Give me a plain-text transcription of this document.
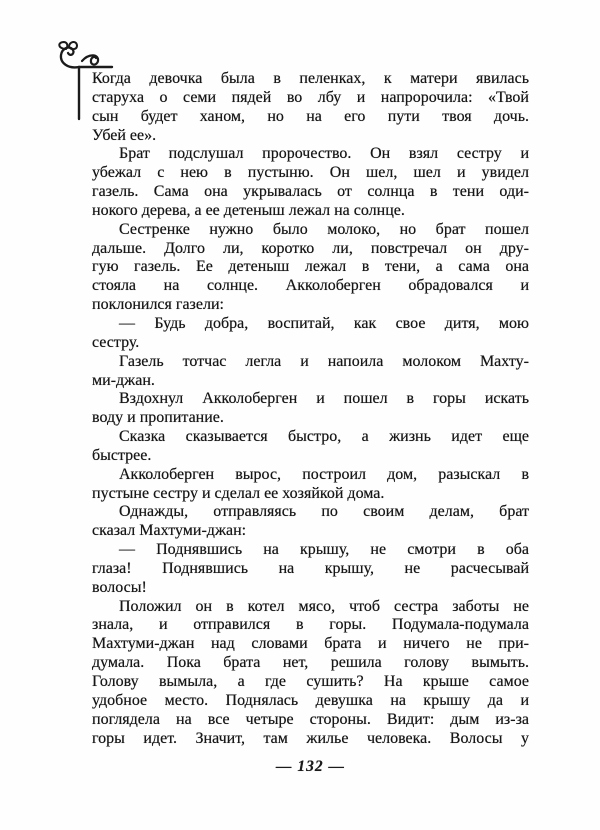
Когда девочка была в пеленках, к матери явилась
старуха о семи пядей во лбу и напророчила: «Твой
сын будет ханом, но на его пути твоя дочь.
Убей ее».
Брат подслушал пророчество. Он взял сестру и
убежал с нею в пустыню. Он шел, шел и увидел
газель. Сама она укрывалась от солнца в тени оди-
нокого дерева, а ее детеныш лежал на солнце.
Сестренке нужно было молоко, но брат пошел
дальше. Долго ли, коротко ли, повстречал он дру-
гую газель. Ее детеныш лежал в тени, а сама она
стояла на солнце. Акколоберген обрадовался и
поклонился газели:
— Будь добра, воспитай, как свое дитя, мою
сестру.
Газель тотчас легла и напоила молоком Махту-
ми-джан.
Вздохнул Акколоберген и пошел в горы искать
воду и пропитание.
Сказка сказывается быстро, а жизнь идет еще
быстрее.
Акколоберген вырос, построил дом, разыскал в
пустыне сестру и сделал ее хозяйкой дома.
Однажды, отправляясь по своим делам, брат
сказал Махтуми-джан:
— Поднявшись на крышу, не смотри в оба
глаза! Поднявшись на крышу, не расчесывай
волосы!
Положил он в котел мясо, чтоб сестра заботы не
знала, и отправился в горы. Подумала-подумала
Махтуми-джан над словами брата и ничего не при-
думала. Пока брата нет, решила голову вымыть.
Голову вымыла, а где сушить? На крыше самое
удобное место. Поднялась девушка на крышу да и
поглядела на все четыре стороны. Видит: дым из-за
горы идет. Значит, там жилье человека. Волосы у
— 132 —
